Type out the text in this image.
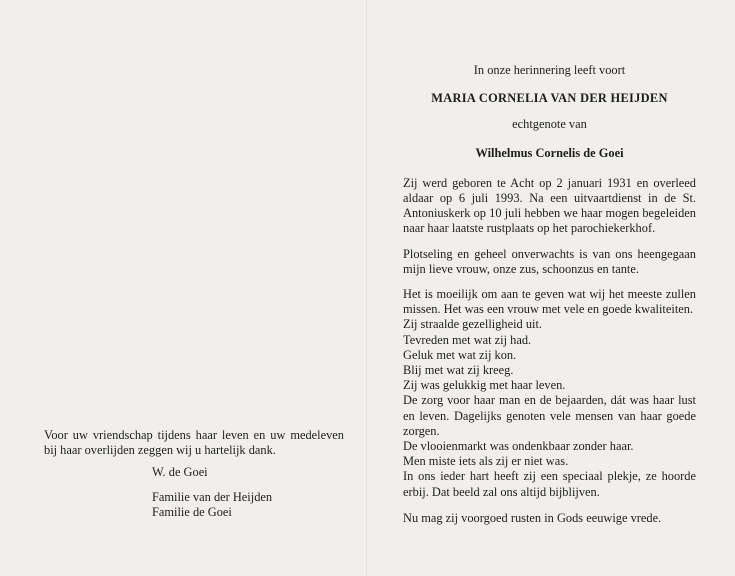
Voor uw vriendschap tijdens haar leven en uw medeleven bij haar overlijden zeggen wij u hartelijk dank.

W. de Goei
Familie van der Heijden
Familie de Goei
In onze herinnering leeft voort
MARIA CORNELIA VAN DER HEIJDEN
echtgenote van
Wilhelmus Cornelis de Goei

Zij werd geboren te Acht op 2 januari 1931 en overleed aldaar op 6 juli 1993. Na een uitvaartdienst in de St. Antoniuskerk op 10 juli hebben we haar mogen begeleiden naar haar laatste rustplaats op het parochiekerkhof.

Plotseling en geheel onverwachts is van ons heengegaan mijn lieve vrouw, onze zus, schoonzus en tante.

Het is moeilijk om aan te geven wat wij het meeste zullen missen. Het was een vrouw met vele en goede kwaliteiten.

Zij straalde gezelligheid uit.
Tevreden met wat zij had.
Geluk met wat zij kon.
Blij met wat zij kreeg.
Zij was gelukkig met haar leven.

De zorg voor haar man en de bejaarden, dát was haar lust en leven. Dagelijks genoten vele mensen van haar goede zorgen.

De vlooienmarkt was ondenkbaar zonder haar.
Men miste iets als zij er niet was.

In ons ieder hart heeft zij een speciaal plekje, ze hoorde erbij. Dat beeld zal ons altijd bijblijven.

Nu mag zij voorgoed rusten in Gods eeuwige vrede.
